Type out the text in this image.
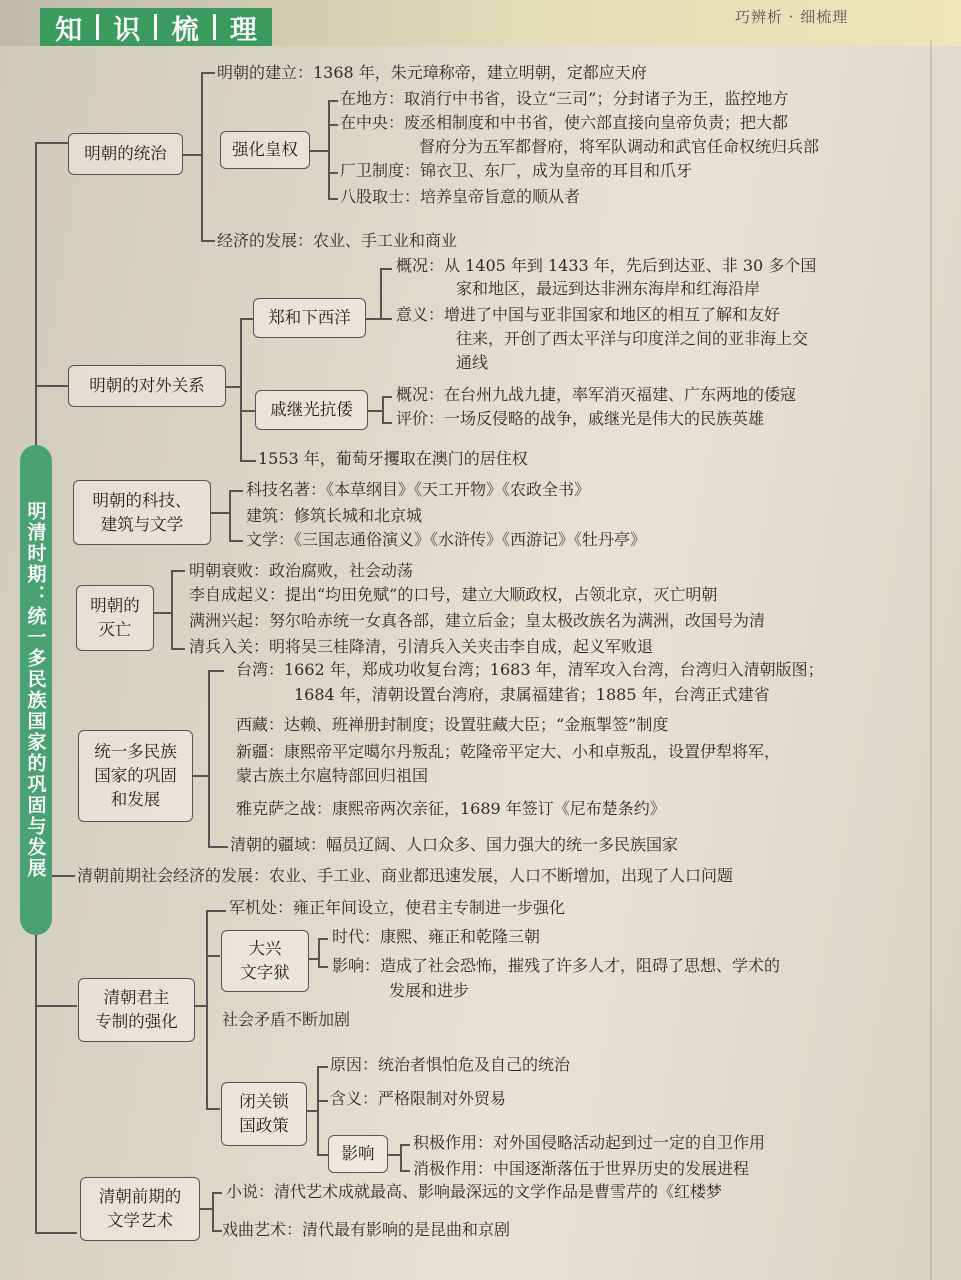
知 识 梳 理	巧辨析 · 细梳理
明清时期：统一多民族国家的巩固与发展
明朝的统治
明朝的建立：1368 年，朱元璋称帝，建立明朝，定都应天府
强化皇权
在地方：取消行中书省，设立“三司”；分封诸子为王，监控地方
在中央：废丞相制度和中书省，使六部直接向皇帝负责；把大都
督府分为五军都督府，将军队调动和武官任命权统归兵部
厂卫制度：锦衣卫、东厂，成为皇帝的耳目和爪牙
八股取士：培养皇帝旨意的顺从者
经济的发展：农业、手工业和商业
明朝的对外关系
郑和下西洋
概况：从 1405 年到 1433 年，先后到达亚、非 30 多个国
家和地区，最远到达非洲东海岸和红海沿岸
意义：增进了中国与亚非国家和地区的相互了解和友好
往来，开创了西太平洋与印度洋之间的亚非海上交
通线
戚继光抗倭
概况：在台州九战九捷，率军消灭福建、广东两地的倭寇
评价：一场反侵略的战争，戚继光是伟大的民族英雄
1553 年，葡萄牙攫取在澳门的居住权
明朝的科技、
建筑与文学
科技名著：《本草纲目》《天工开物》《农政全书》
建筑：修筑长城和北京城
文学：《三国志通俗演义》《水浒传》《西游记》《牡丹亭》
明朝的
灭亡
明朝衰败：政治腐败，社会动荡
李自成起义：提出“均田免赋”的口号，建立大顺政权，占领北京，灭亡明朝
满洲兴起：努尔哈赤统一女真各部，建立后金；皇太极改族名为满洲，改国号为清
清兵入关：明将吴三桂降清，引清兵入关夹击李自成，起义军败退
统一多民族
国家的巩固
和发展
台湾：1662 年，郑成功收复台湾；1683 年，清军攻入台湾，台湾归入清朝版图；
1684 年，清朝设置台湾府，隶属福建省；1885 年，台湾正式建省
西藏：达赖、班禅册封制度；设置驻藏大臣；“金瓶掣签”制度
新疆：康熙帝平定噶尔丹叛乱；乾隆帝平定大、小和卓叛乱，设置伊犁将军，
蒙古族土尔扈特部回归祖国
雅克萨之战：康熙帝两次亲征，1689 年签订《尼布楚条约》
清朝的疆域：幅员辽阔、人口众多、国力强大的统一多民族国家
清朝前期社会经济的发展：农业、手工业、商业都迅速发展，人口不断增加，出现了人口问题
清朝君主
专制的强化
军机处：雍正年间设立，使君主专制进一步强化
大兴
文字狱
时代：康熙、雍正和乾隆三朝
影响：造成了社会恐怖，摧残了许多人才，阻碍了思想、学术的
发展和进步
社会矛盾不断加剧
闭关锁
国政策
原因：统治者惧怕危及自己的统治
含义：严格限制对外贸易
影响
积极作用：对外国侵略活动起到过一定的自卫作用
消极作用：中国逐渐落伍于世界历史的发展进程
清朝前期的
文学艺术
小说：清代艺术成就最高、影响最深远的文学作品是曹雪芹的《红楼梦
戏曲艺术：清代最有影响的是昆曲和京剧
